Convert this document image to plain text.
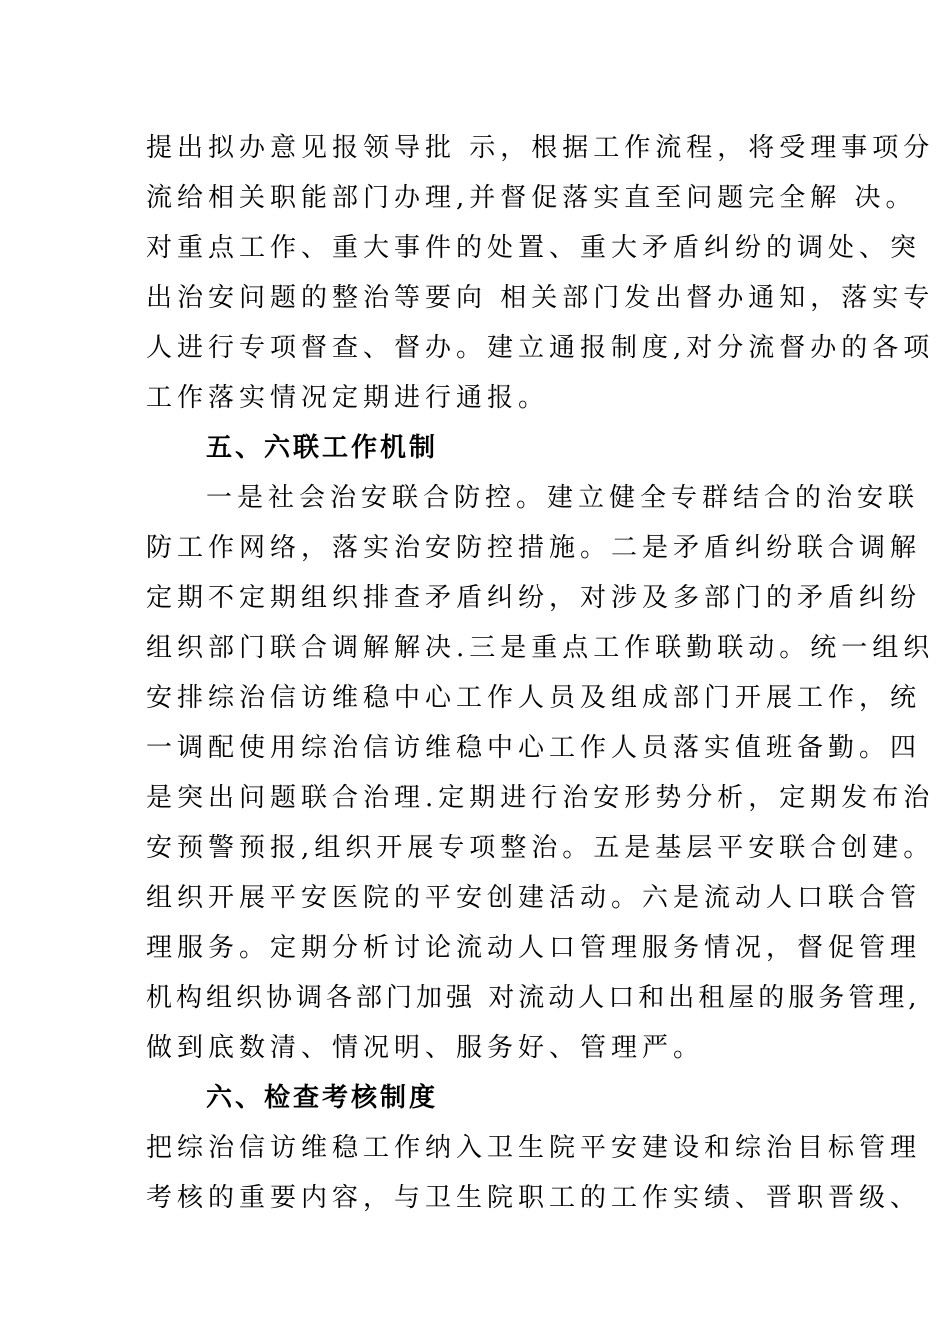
提出拟办意见报领导批 示，根据工作流程，将受理事项分
流给相关职能部门办理,并督促落实直至问题完全解 决。
对重点工作、重大事件的处置、重大矛盾纠纷的调处、突
出治安问题的整治等要向 相关部门发出督办通知，落实专
人进行专项督查、督办。建立通报制度,对分流督办的各项
工作落实情况定期进行通报。
五、六联工作机制
一是社会治安联合防控。建立健全专群结合的治安联
防工作网络，落实治安防控措施。二是矛盾纠纷联合调解
定期不定期组织排查矛盾纠纷，对涉及多部门的矛盾纠纷
组织部门联合调解解决.三是重点工作联勤联动。统一组织
安排综治信访维稳中心工作人员及组成部门开展工作，统
一调配使用综治信访维稳中心工作人员落实值班备勤。四
是突出问题联合治理.定期进行治安形势分析，定期发布治
安预警预报,组织开展专项整治。五是基层平安联合创建。
组织开展平安医院的平安创建活动。六是流动人口联合管
理服务。定期分析讨论流动人口管理服务情况，督促管理
机构组织协调各部门加强 对流动人口和出租屋的服务管理,
做到底数清、情况明、服务好、管理严。
六、检查考核制度
把综治信访维稳工作纳入卫生院平安建设和综治目标管理
考核的重要内容，与卫生院职工的工作实绩、晋职晋级、
